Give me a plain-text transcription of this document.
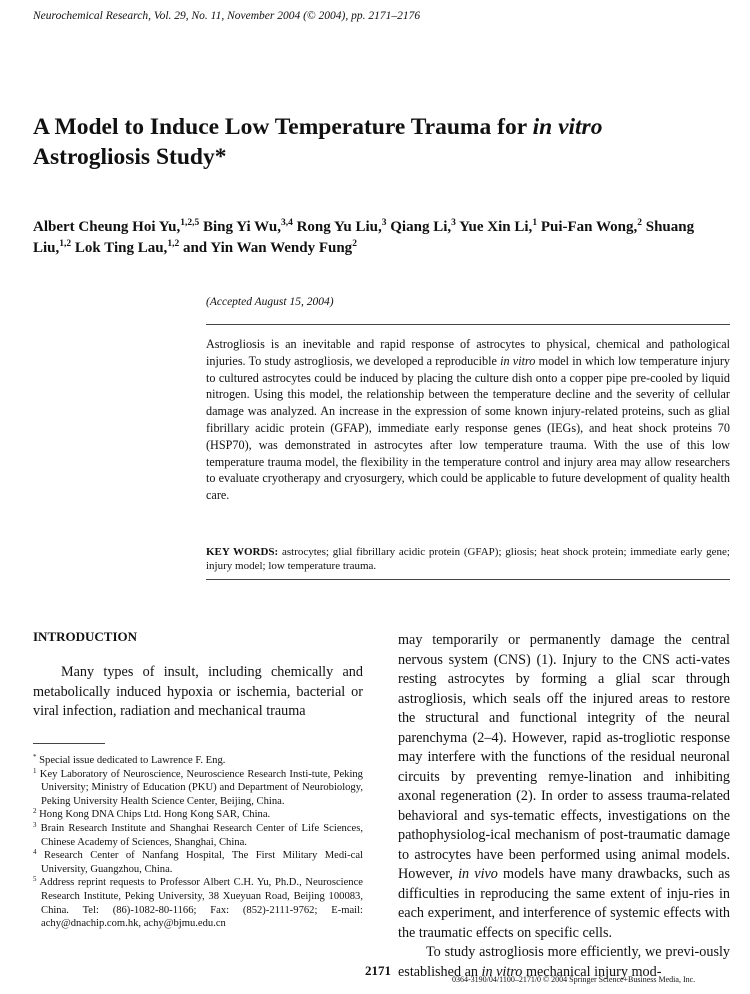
Neurochemical Research, Vol. 29, No. 11, November 2004 (© 2004), pp. 2171–2176
A Model to Induce Low Temperature Trauma for in vitro
Astrogliosis Study*
Albert Cheung Hoi Yu,$^{1,2,5}$ Bing Yi Wu,$^{3,4}$ Rong Yu Liu,$^3$ Qiang Li,$^3$ Yue Xin Li,$^1$ Pui-Fan Wong,$^2$ Shuang Liu,$^{1,2}$ Lok Ting Lau,$^{1,2}$ and Yin Wan Wendy Fung$^2$
(Accepted August 15, 2004)
Astrogliosis is an inevitable and rapid response of astrocytes to physical, chemical and pathological injuries. To study astrogliosis, we developed a reproducible in vitro model in which low temperature injury to cultured astrocytes could be induced by placing the culture dish onto a copper pipe pre-cooled by liquid nitrogen. Using this model, the relationship between the temperature decline and the severity of cellular damage was analyzed. An increase in the expression of some known injury-related proteins, such as glial fibrillary acidic protein (GFAP), immediate early response genes (IEGs), and heat shock proteins 70 (HSP70), was demonstrated in astrocytes after low temperature trauma. With the use of this low temperature trauma model, the flexibility in the temperature control and injury area may allow researchers to evaluate cryotherapy and cryosurgery, which could be applicable to future development of quality health care.
KEY WORDS: astrocytes; glial fibrillary acidic protein (GFAP); gliosis; heat shock protein; immediate early gene; injury model; low temperature trauma.
INTRODUCTION
Many types of insult, including chemically and metabolically induced hypoxia or ischemia, bacterial or viral infection, radiation and mechanical trauma

* Special issue dedicated to Lawrence F. Eng.

$^1$ Key Laboratory of Neuroscience, Neuroscience Research Insti-tute, Peking University; Ministry of Education (PKU) and Department of Neurobiology, Peking University Health Science Center, Beijing, China.

$^2$ Hong Kong DNA Chips Ltd. Hong Kong SAR, China.

$^3$ Brain Research Institute and Shanghai Research Center of Life Sciences, Chinese Academy of Sciences, Shanghai, China.

$^4$ Research Center of Nanfang Hospital, The First Military Medi-cal University, Guangzhou, China.

$^5$ Address reprint requests to Professor Albert C.H. Yu, Ph.D., Neuroscience Research Institute, Peking University, 38 Xueyuan Road, Beijing 100083, China. Tel: (86)-1082-80-1166; Fax: (852)-2111-9762; E-mail: achy@dnachip.com.hk, achy@bjmu.edu.cn

may temporarily or permanently damage the central nervous system (CNS) (1). Injury to the CNS acti-vates resting astrocytes by forming a glial scar through astrogliosis, which seals off the injured areas to restore the structural and functional integrity of the neural parenchyma (2–4). However, rapid as-trogliotic response may interfere with the functions of the residual neuronal circuits by preventing remye-lination and inhibiting axonal regeneration (2). In order to assess trauma-related behavioral and sys-tematic effects, investigations on the pathophysiolog-ical mechanism of post-traumatic damage to astrocytes have been performed using animal models. However, in vivo models have many drawbacks, such as difficulties in reproducing the same extent of inju-ries in each experiment, and interference of systemic effects with the traumatic effects on specific cells.

To study astrogliosis more efficiently, we previ-ously established an in vitro mechanical injury mod-

2171
0364-3190/04/1100–2171/0 © 2004 Springer Science+Business Media, Inc.
